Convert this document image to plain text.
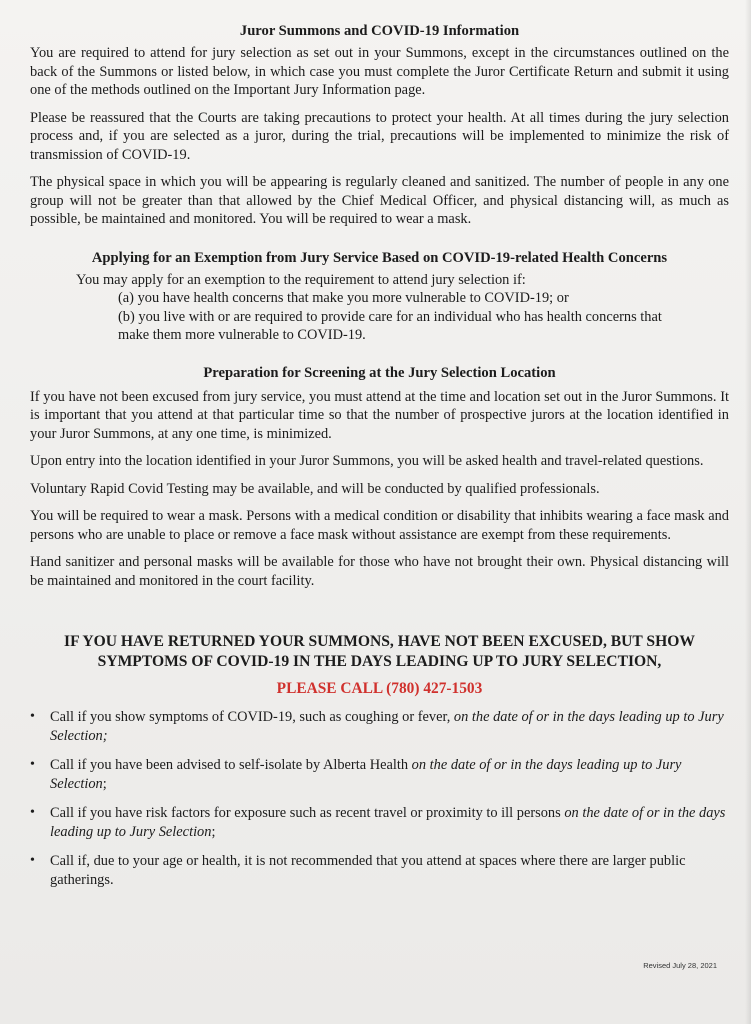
Juror Summons and COVID-19 Information

You are required to attend for jury selection as set out in your Summons, except in the circumstances outlined on the back of the Summons or listed below, in which case you must complete the Juror Certificate Return and submit it using one of the methods outlined on the Important Jury Information page.

Please be reassured that the Courts are taking precautions to protect your health. At all times during the jury selection process and, if you are selected as a juror, during the trial, precautions will be implemented to minimize the risk of transmission of COVID-19.

The physical space in which you will be appearing is regularly cleaned and sanitized. The number of people in any one group will not be greater than that allowed by the Chief Medical Officer, and physical distancing will, as much as possible, be maintained and monitored. You will be required to wear a mask.

Applying for an Exemption from Jury Service Based on COVID-19-related Health Concerns

You may apply for an exemption to the requirement to attend jury selection if:

(a) you have health concerns that make you more vulnerable to COVID-19; or

(b) you live with or are required to provide care for an individual who has health concerns that

make them more vulnerable to COVID-19.

Preparation for Screening at the Jury Selection Location

If you have not been excused from jury service, you must attend at the time and location set out in the Juror Summons. It is important that you attend at that particular time so that the number of prospective jurors at the location identified in your Juror Summons, at any one time, is minimized.

Upon entry into the location identified in your Juror Summons, you will be asked health and travel-related questions.

Voluntary Rapid Covid Testing may be available, and will be conducted by qualified professionals.

You will be required to wear a mask. Persons with a medical condition or disability that inhibits wearing a face mask and persons who are unable to place or remove a face mask without assistance are exempt from these requirements.

Hand sanitizer and personal masks will be available for those who have not brought their own. Physical distancing will be maintained and monitored in the court facility.

IF YOU HAVE RETURNED YOUR SUMMONS, HAVE NOT BEEN EXCUSED, BUT SHOW
SYMPTOMS OF COVID-19 IN THE DAYS LEADING UP TO JURY SELECTION,
PLEASE CALL (780) 427-1503
• Call if you show symptoms of COVID-19, such as coughing or fever, on the date of or in the days leading up to Jury Selection;
• Call if you have been advised to self-isolate by Alberta Health on the date of or in the days leading up to Jury Selection;
• Call if you have risk factors for exposure such as recent travel or proximity to ill persons on the date of or in the days leading up to Jury Selection;
• Call if, due to your age or health, it is not recommended that you attend at spaces where there are larger public gatherings.
Revised July 28, 2021
